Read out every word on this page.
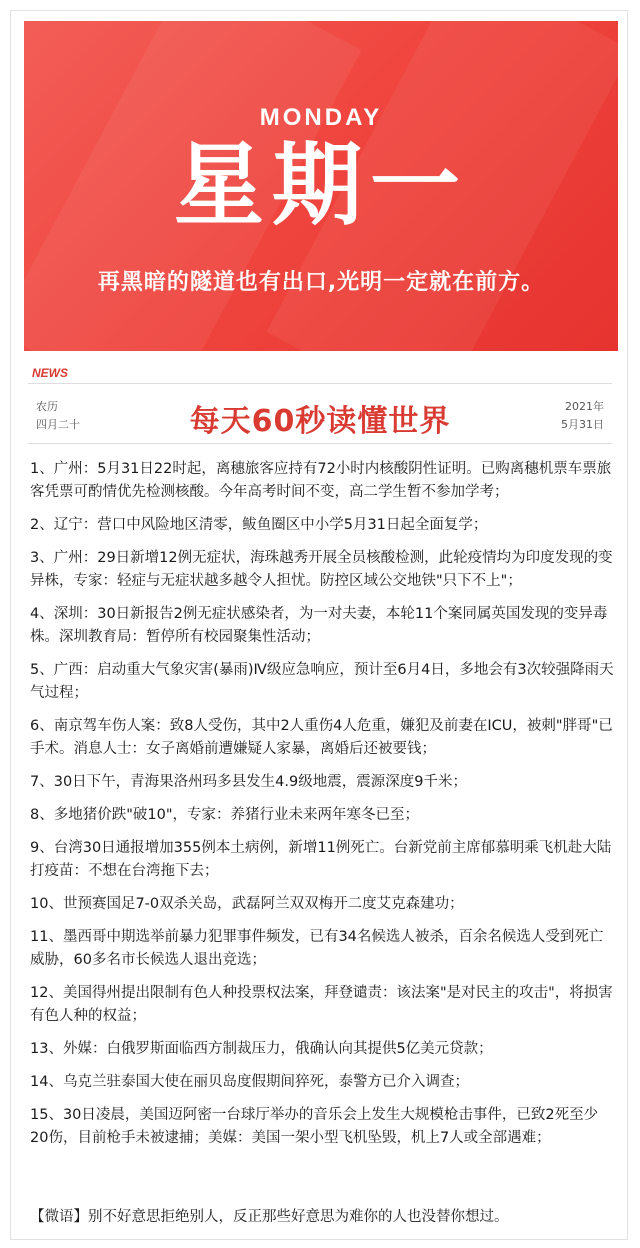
MONDAY
星期一
再黑暗的隧道也有出口,光明一定就在前方。
NEWS
农历
四月二十	每天60秒读懂世界	2021年
5月31日

1、广州：5月31日22时起，离穗旅客应持有72小时内核酸阴性证明。已购离穗机票车票旅客凭票可酌情优先检测核酸。今年高考时间不变，高二学生暂不参加学考；

2、辽宁：营口中风险地区清零，鲅鱼圈区中小学5月31日起全面复学；

3、广州：29日新增12例无症状，海珠越秀开展全员核酸检测，此轮疫情均为印度发现的变异株，专家：轻症与无症状越多越令人担忧。防控区域公交地铁"只下不上"；

4、深圳：30日新报告2例无症状感染者，为一对夫妻，本轮11个案同属英国发现的变异毒株。深圳教育局：暂停所有校园聚集性活动；

5、广西：启动重大气象灾害(暴雨)Ⅳ级应急响应，预计至6月4日，多地会有3次较强降雨天气过程；

6、南京驾车伤人案：致8人受伤，其中2人重伤4人危重，嫌犯及前妻在ICU，被刺"胖哥"已手术。消息人士：女子离婚前遭嫌疑人家暴，离婚后还被要钱；

7、30日下午，青海果洛州玛多县发生4.9级地震，震源深度9千米；

8、多地猪价跌"破10"，专家：养猪行业未来两年寒冬已至；

9、台湾30日通报增加355例本土病例，新增11例死亡。台新党前主席郁慕明乘飞机赴大陆打疫苗：不想在台湾拖下去；

10、世预赛国足7-0双杀关岛，武磊阿兰双双梅开二度艾克森建功；

11、墨西哥中期选举前暴力犯罪事件频发，已有34名候选人被杀，百余名候选人受到死亡威胁，60多名市长候选人退出竞选；

12、美国得州提出限制有色人种投票权法案，拜登谴责：该法案"是对民主的攻击"，将损害有色人种的权益；

13、外媒：白俄罗斯面临西方制裁压力，俄确认向其提供5亿美元贷款；

14、乌克兰驻泰国大使在丽贝岛度假期间猝死，泰警方已介入调查；

15、30日凌晨，美国迈阿密一台球厅举办的音乐会上发生大规模枪击事件，已致2死至少20伤，目前枪手未被逮捕；美媒：美国一架小型飞机坠毁，机上7人或全部遇难；

【微语】别不好意思拒绝别人，反正那些好意思为难你的人也没替你想过。
